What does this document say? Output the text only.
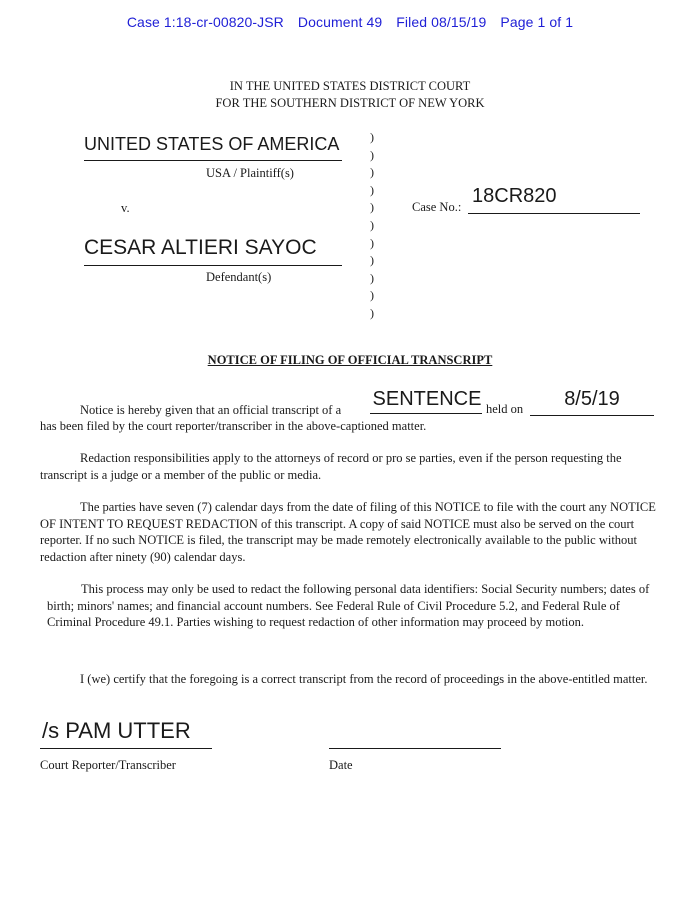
Case 1:18-cr-00820-JSR Document 49 Filed 08/15/19 Page 1 of 1
IN THE UNITED STATES DISTRICT COURT
FOR THE SOUTHERN DISTRICT OF NEW YORK
UNITED STATES OF AMERICA
USA / Plaintiff(s)
v.
CESAR ALTIERI SAYOC
Defendant(s)
)
)
)
)
)
)
)
)
)
)
)
Case No.: 18CR820
NOTICE OF FILING OF OFFICIAL TRANSCRIPT
Notice is hereby given that an official transcript of a	SENTENCE held on	8/5/19
has been filed by the court reporter/transcriber in the above-captioned matter.
Redaction responsibilities apply to the attorneys of record or pro se parties, even if the person requesting the transcript is a judge or a member of the public or media.
The parties have seven (7) calendar days from the date of filing of this NOTICE to file with the court any NOTICE OF INTENT TO REQUEST REDACTION of this transcript. A copy of said NOTICE must also be served on the court reporter. If no such NOTICE is filed, the transcript may be made remotely electronically available to the public without redaction after ninety (90) calendar days.
This process may only be used to redact the following personal data identifiers: Social Security numbers; dates of birth; minors' names; and financial account numbers. See Federal Rule of Civil Procedure 5.2, and Federal Rule of Criminal Procedure 49.1. Parties wishing to request redaction of other information may proceed by motion.
I (we) certify that the foregoing is a correct transcript from the record of proceedings in the above-entitled matter.
/s PAM UTTER
Court Reporter/Transcriber	Date
